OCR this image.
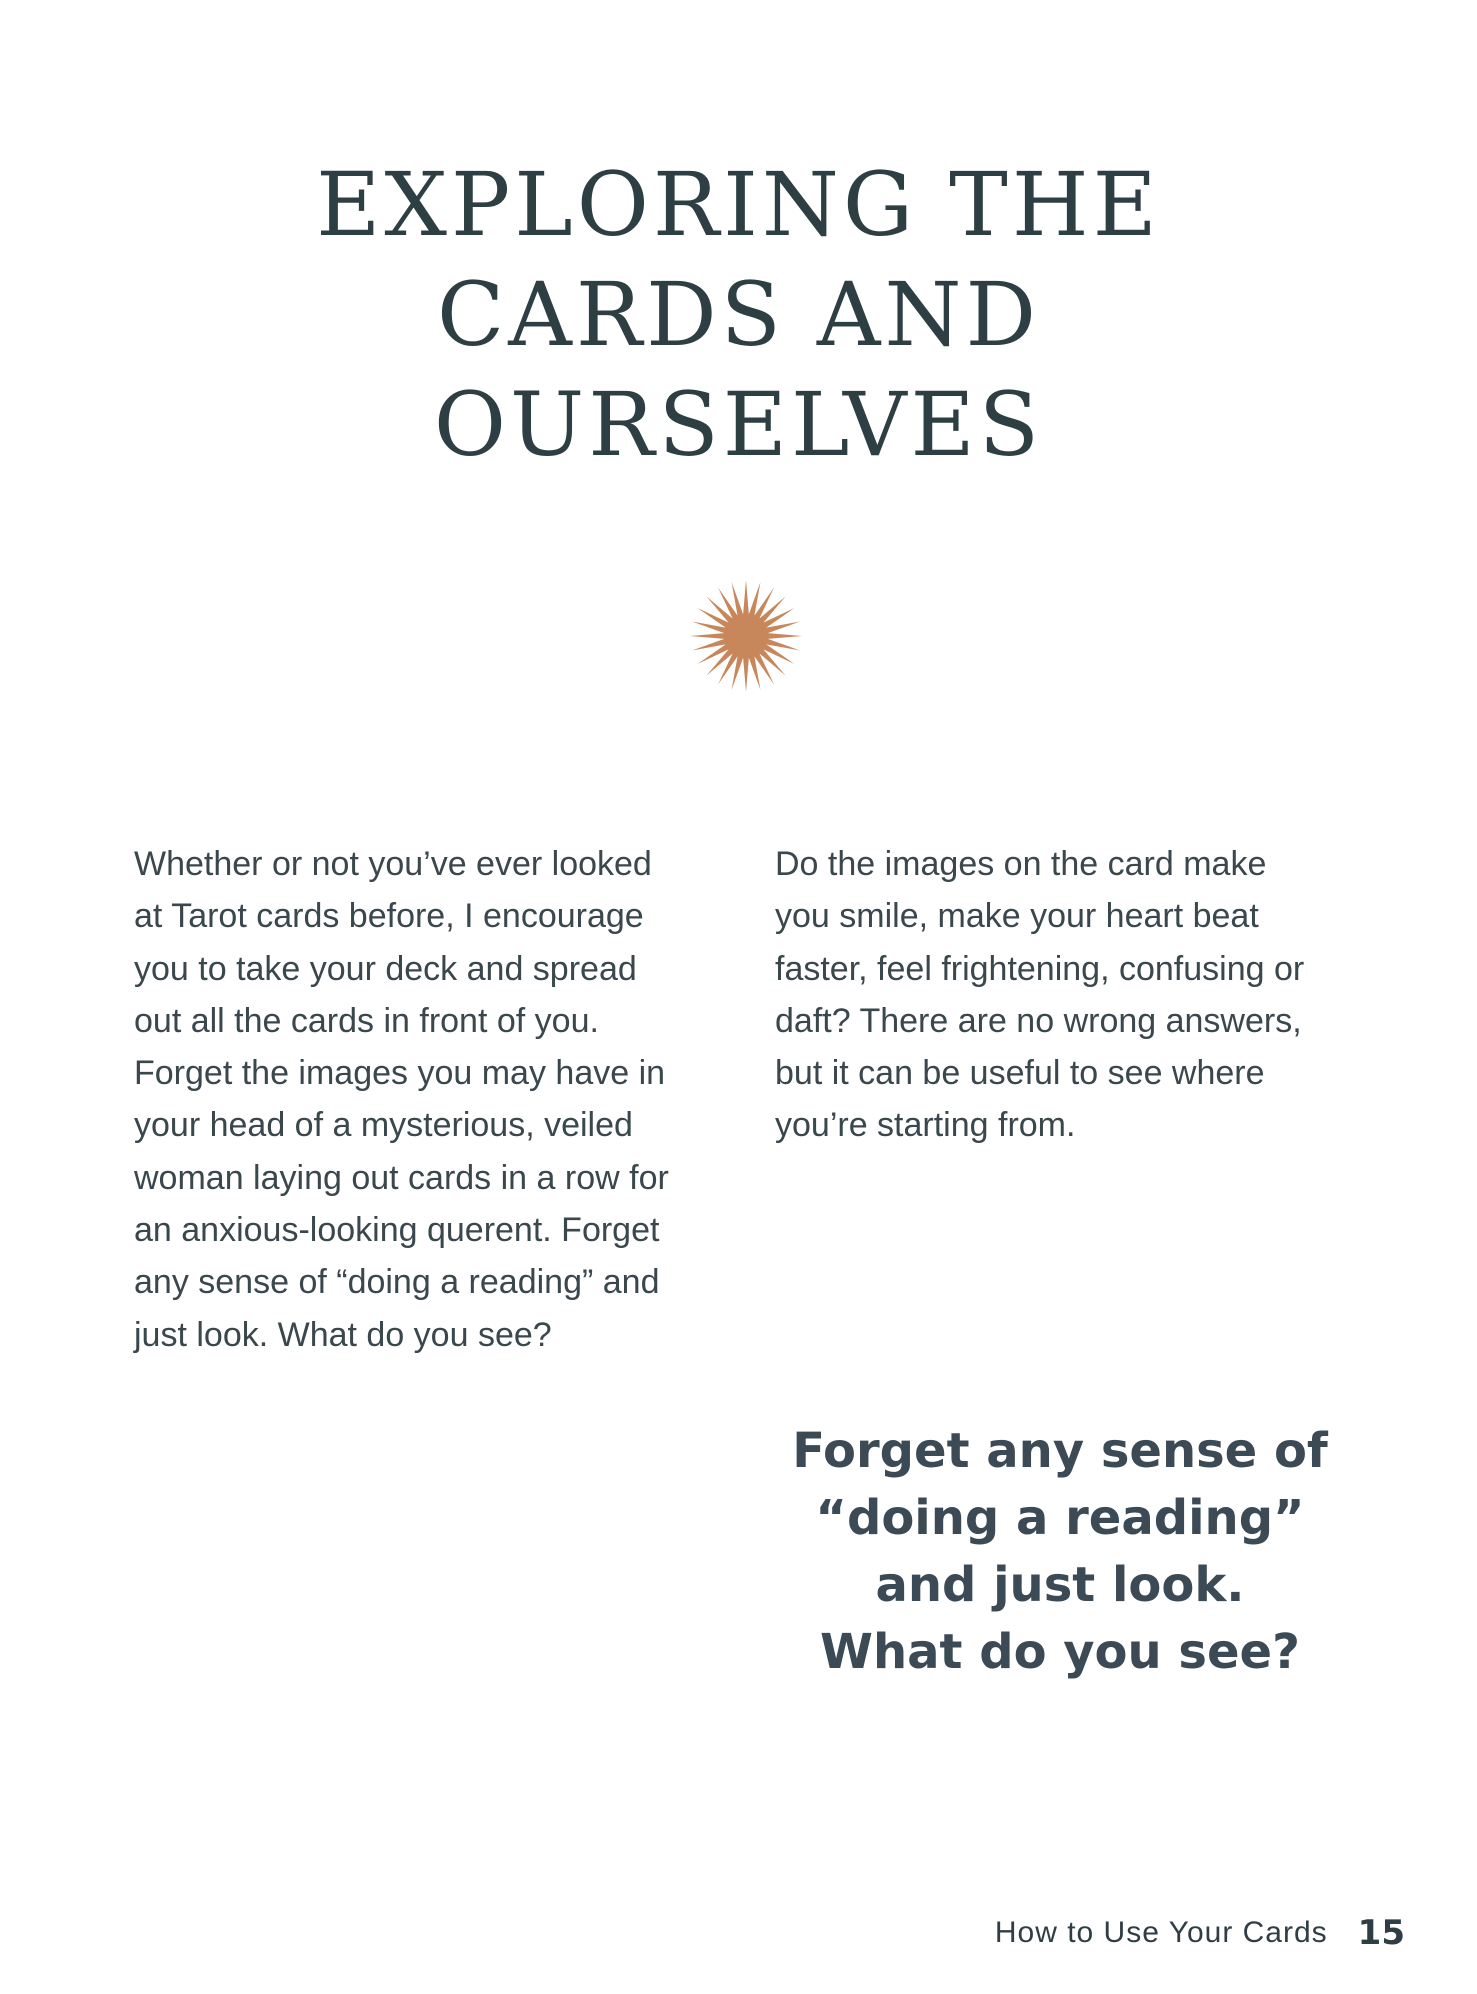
EXPLORING THE
CARDS AND
OURSELVES

Whether or not you’ve ever looked
at Tarot cards before, I encourage
you to take your deck and spread
out all the cards in front of you.
Forget the images you may have in
your head of a mysterious, veiled
woman laying out cards in a row for
an anxious-looking querent. Forget
any sense of “doing a reading” and
just look. What do you see?

Do the images on the card make
you smile, make your heart beat
faster, feel frightening, confusing or
daft? There are no wrong answers,
but it can be useful to see where
you’re starting from.

Forget any sense of
“doing a reading”
and just look.
What do you see?

How to Use Your Cards 15
